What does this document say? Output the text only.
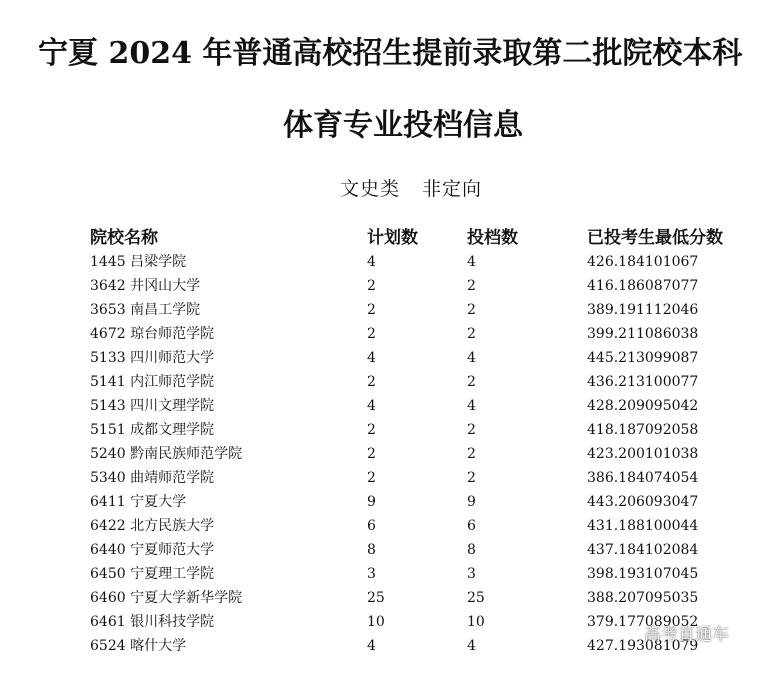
宁夏 2024 年普通高校招生提前录取第二批院校本科
体育专业投档信息
文史类 非定向
院校名称	计划数	投档数	已投考生最低分数
1445 吕梁学院	4	4	426.184101067
3642 井冈山大学	2	2	416.186087077
3653 南昌工学院	2	2	389.191112046
4672 琼台师范学院	2	2	399.211086038
5133 四川师范大学	4	4	445.213099087
5141 内江师范学院	2	2	436.213100077
5143 四川文理学院	4	4	428.209095042
5151 成都文理学院	2	2	418.187092058
5240 黔南民族师范学院	2	2	423.200101038
5340 曲靖师范学院	2	2	386.184074054
6411 宁夏大学	9	9	443.206093047
6422 北方民族大学	6	6	431.188100044
6440 宁夏师范大学	8	8	437.184102084
6450 宁夏理工学院	3	3	398.193107045
6460 宁夏大学新华学院	25	25	388.207095035
6461 银川科技学院	10	10	379.177089052
6524 喀什大学	4	4	427.193081079
高考直通车
